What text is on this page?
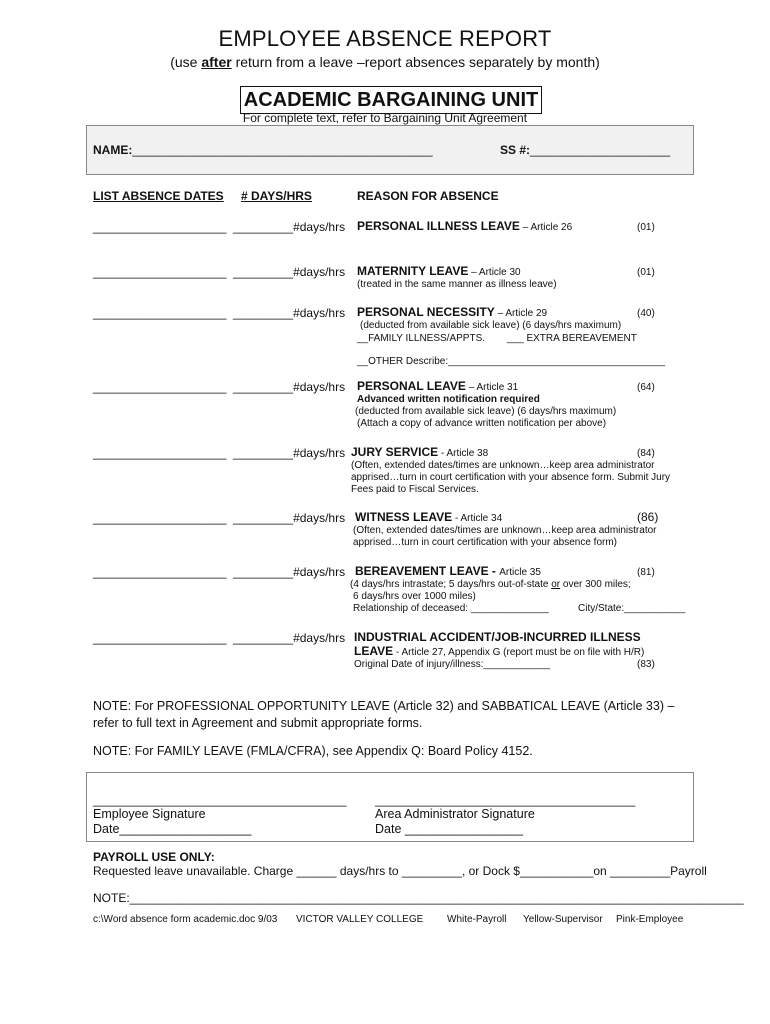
EMPLOYEE ABSENCE REPORT
(use after return from a leave –report absences separately by month)
ACADEMIC BARGAINING UNIT
For complete text, refer to Bargaining Unit Agreement
NAME:_____________________________________________	SS #:_____________________
LIST ABSENCE DATES # DAYS/HRS	REASON FOR ABSENCE
____________________ _________#days/hrs PERSONAL ILLNESS LEAVE – Article 26	(01)
____________________ _________#days/hrs MATERNITY LEAVE – Article 30	(01)
(treated in the same manner as illness leave)
____________________ _________#days/hrs PERSONAL NECESSITY – Article 29	(40)
(deducted from available sick leave) (6 days/hrs maximum)
__FAMILY ILLNESS/APPTS. ___ EXTRA BEREAVEMENT
__OTHER Describe:_______________________________________
____________________ _________#days/hrs PERSONAL LEAVE – Article 31	(64)
Advanced written notification required
(deducted from available sick leave) (6 days/hrs maximum)
(Attach a copy of advance written notification per above)
____________________ _________#days/hrs JURY SERVICE - Article 38	(84)
(Often, extended dates/times are unknown…keep area administrator
apprised…turn in court certification with your absence form. Submit Jury
Fees paid to Fiscal Services.
____________________ _________#days/hrs WITNESS LEAVE - Article 34	(86)
(Often, extended dates/times are unknown…keep area administrator
apprised…turn in court certification with your absence form)
____________________ _________#days/hrs BEREAVEMENT LEAVE - Article 35	(81)
(4 days/hrs intrastate; 5 days/hrs out-of-state or over 300 miles;
6 days/hrs over 1000 miles)
Relationship of deceased: ______________	City/State:___________
____________________ _________#days/hrs INDUSTRIAL ACCIDENT/JOB-INCURRED ILLNESS
LEAVE - Article 27, Appendix G (report must be on file with H/R)
Original Date of injury/illness:____________	(83)
NOTE: For PROFESSIONAL OPPORTUNITY LEAVE (Article 32) and SABBATICAL LEAVE (Article 33) –
refer to full text in Agreement and submit appropriate forms.
NOTE: For FAMILY LEAVE (FMLA/CFRA), see Appendix Q: Board Policy 4152.
______________________________________ _______________________________________
Employee Signature
Date___________________
Area Administrator Signature
Date _________________
PAYROLL USE ONLY:
Requested leave unavailable. Charge ______ days/hrs to _________, or Dock $___________on _________Payroll
NOTE:____________________________________________________________________________________________
c:\Word absence form academic.doc 9/03 VICTOR VALLEY COLLEGE White-Payroll Yellow-Supervisor Pink-Employee
